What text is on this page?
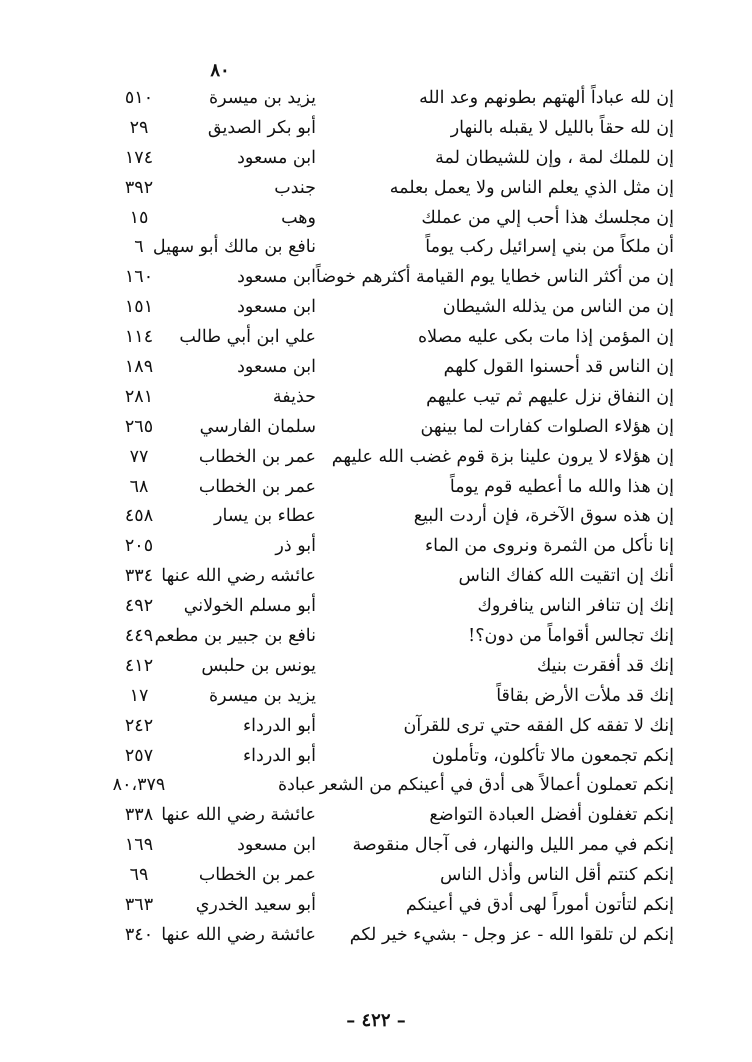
٨٠
إن لله عباداً ألهتهم بطونهم وعد الله
يزيد بن ميسرة
٥١٠
إن لله حقاً بالليل لا يقبله بالنهار
أبو بكر الصديق
٢٩
إن للملك لمة ، وإن للشيطان لمة
ابن مسعود
١٧٤
إن مثل الذي يعلم الناس ولا يعمل بعلمه
جندب
٣٩٢
إن مجلسك هذا أحب إلي من عملك
وهب
١٥
أن ملكاً من بني إسرائيل ركب يوماً
نافع بن مالك أبو سهيل
٦
إن من أكثر الناس خطايا يوم القيامة أكثرهم خوضاً
ابن مسعود
١٦٠
إن من الناس من يذلله الشيطان
ابن مسعود
١٥١
إن المؤمن إذا مات بكى عليه مصلاه
علي ابن أبي طالب
١١٤
إن الناس قد أحسنوا القول كلهم
ابن مسعود
١٨٩
إن النفاق نزل عليهم ثم تيب عليهم
حذيفة
٢٨١
إن هؤلاء الصلوات كفارات لما بينهن
سلمان الفارسي
٢٦٥
إن هؤلاء لا يرون علينا بزة قوم غضب الله عليهم
عمر بن الخطاب
٧٧
إن هذا والله ما أعطيه قوم يوماً
عمر بن الخطاب
٦٨
إن هذه سوق الآخرة، فإن أردت البيع
عطاء بن يسار
٤٥٨
إنا نأكل من الثمرة ونروى من الماء
أبو ذر
٢٠٥
أنك إن اتقيت الله كفاك الناس
عائشه رضي الله عنها
٣٣٤
إنك إن تنافر الناس ينافروك
أبو مسلم الخولاني
٤٩٢
إنك تجالس أقواماً من دون؟!
نافع بن جبير بن مطعم
٤٤٩
إنك قد أفقرت بنيك
يونس بن حلبس
٤١٢
إنك قد ملأت الأرض بقاقاً
يزيد بن ميسرة
١٧
إنك لا تفقه كل الفقه حتي ترى للقرآن
أبو الدرداء
٢٤٢
إنكم تجمعون مالا تأكلون، وتأملون
أبو الدرداء
٢٥٧
إنكم تعملون أعمالاً هى أدق في أعينكم من الشعر
عبادة
٨٠،٣٧٩
إنكم تغفلون أفضل العبادة التواضع
عائشة رضي الله عنها
٣٣٨
إنكم في ممر الليل والنهار، فى آجال منقوصة
ابن مسعود
١٦٩
إنكم كنتم أقل الناس وأذل الناس
عمر بن الخطاب
٦٩
إنكم لتأتون أموراً لهى أدق في أعينكم
أبو سعيد الخدري
٣٦٣
إنكم لن تلقوا الله - عز وجل - بشيء خير لكم
عائشة رضي الله عنها
٣٤٠
– ٤٢٢ –
